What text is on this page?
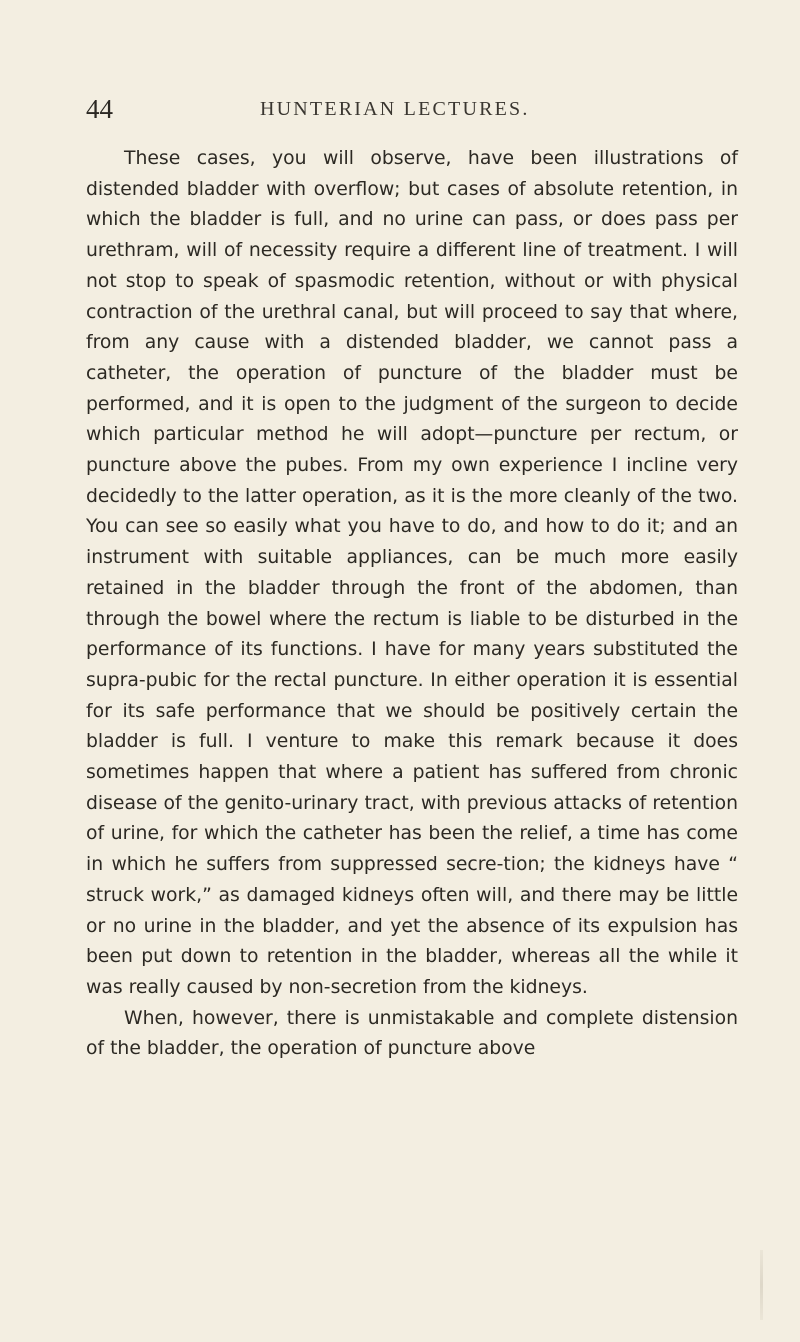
44	HUNTERIAN LECTURES.

These cases, you will observe, have been illustrations of distended bladder with overflow; but cases of absolute retention, in which the bladder is full, and no urine can pass, or does pass per urethram, will of necessity require a different line of treatment. I will not stop to speak of spasmodic retention, without or with physical contraction of the urethral canal, but will proceed to say that where, from any cause with a distended bladder, we cannot pass a catheter, the operation of puncture of the bladder must be performed, and it is open to the judgment of the surgeon to decide which particular method he will adopt—puncture per rectum, or puncture above the pubes. From my own experience I incline very decidedly to the latter operation, as it is the more cleanly of the two. You can see so easily what you have to do, and how to do it; and an instrument with suitable appliances, can be much more easily retained in the bladder through the front of the abdomen, than through the bowel where the rectum is liable to be disturbed in the performance of its functions. I have for many years substituted the supra-pubic for the rectal puncture. In either operation it is essential for its safe performance that we should be positively certain the bladder is full. I venture to make this remark because it does sometimes happen that where a patient has suffered from chronic disease of the genito-urinary tract, with previous attacks of retention of urine, for which the catheter has been the relief, a time has come in which he suffers from suppressed secre-tion; the kidneys have “ struck work,” as damaged kidneys often will, and there may be little or no urine in the bladder, and yet the absence of its expulsion has been put down to retention in the bladder, whereas all the while it was really caused by non-secretion from the kidneys.

When, however, there is unmistakable and complete distension of the bladder, the operation of puncture above
